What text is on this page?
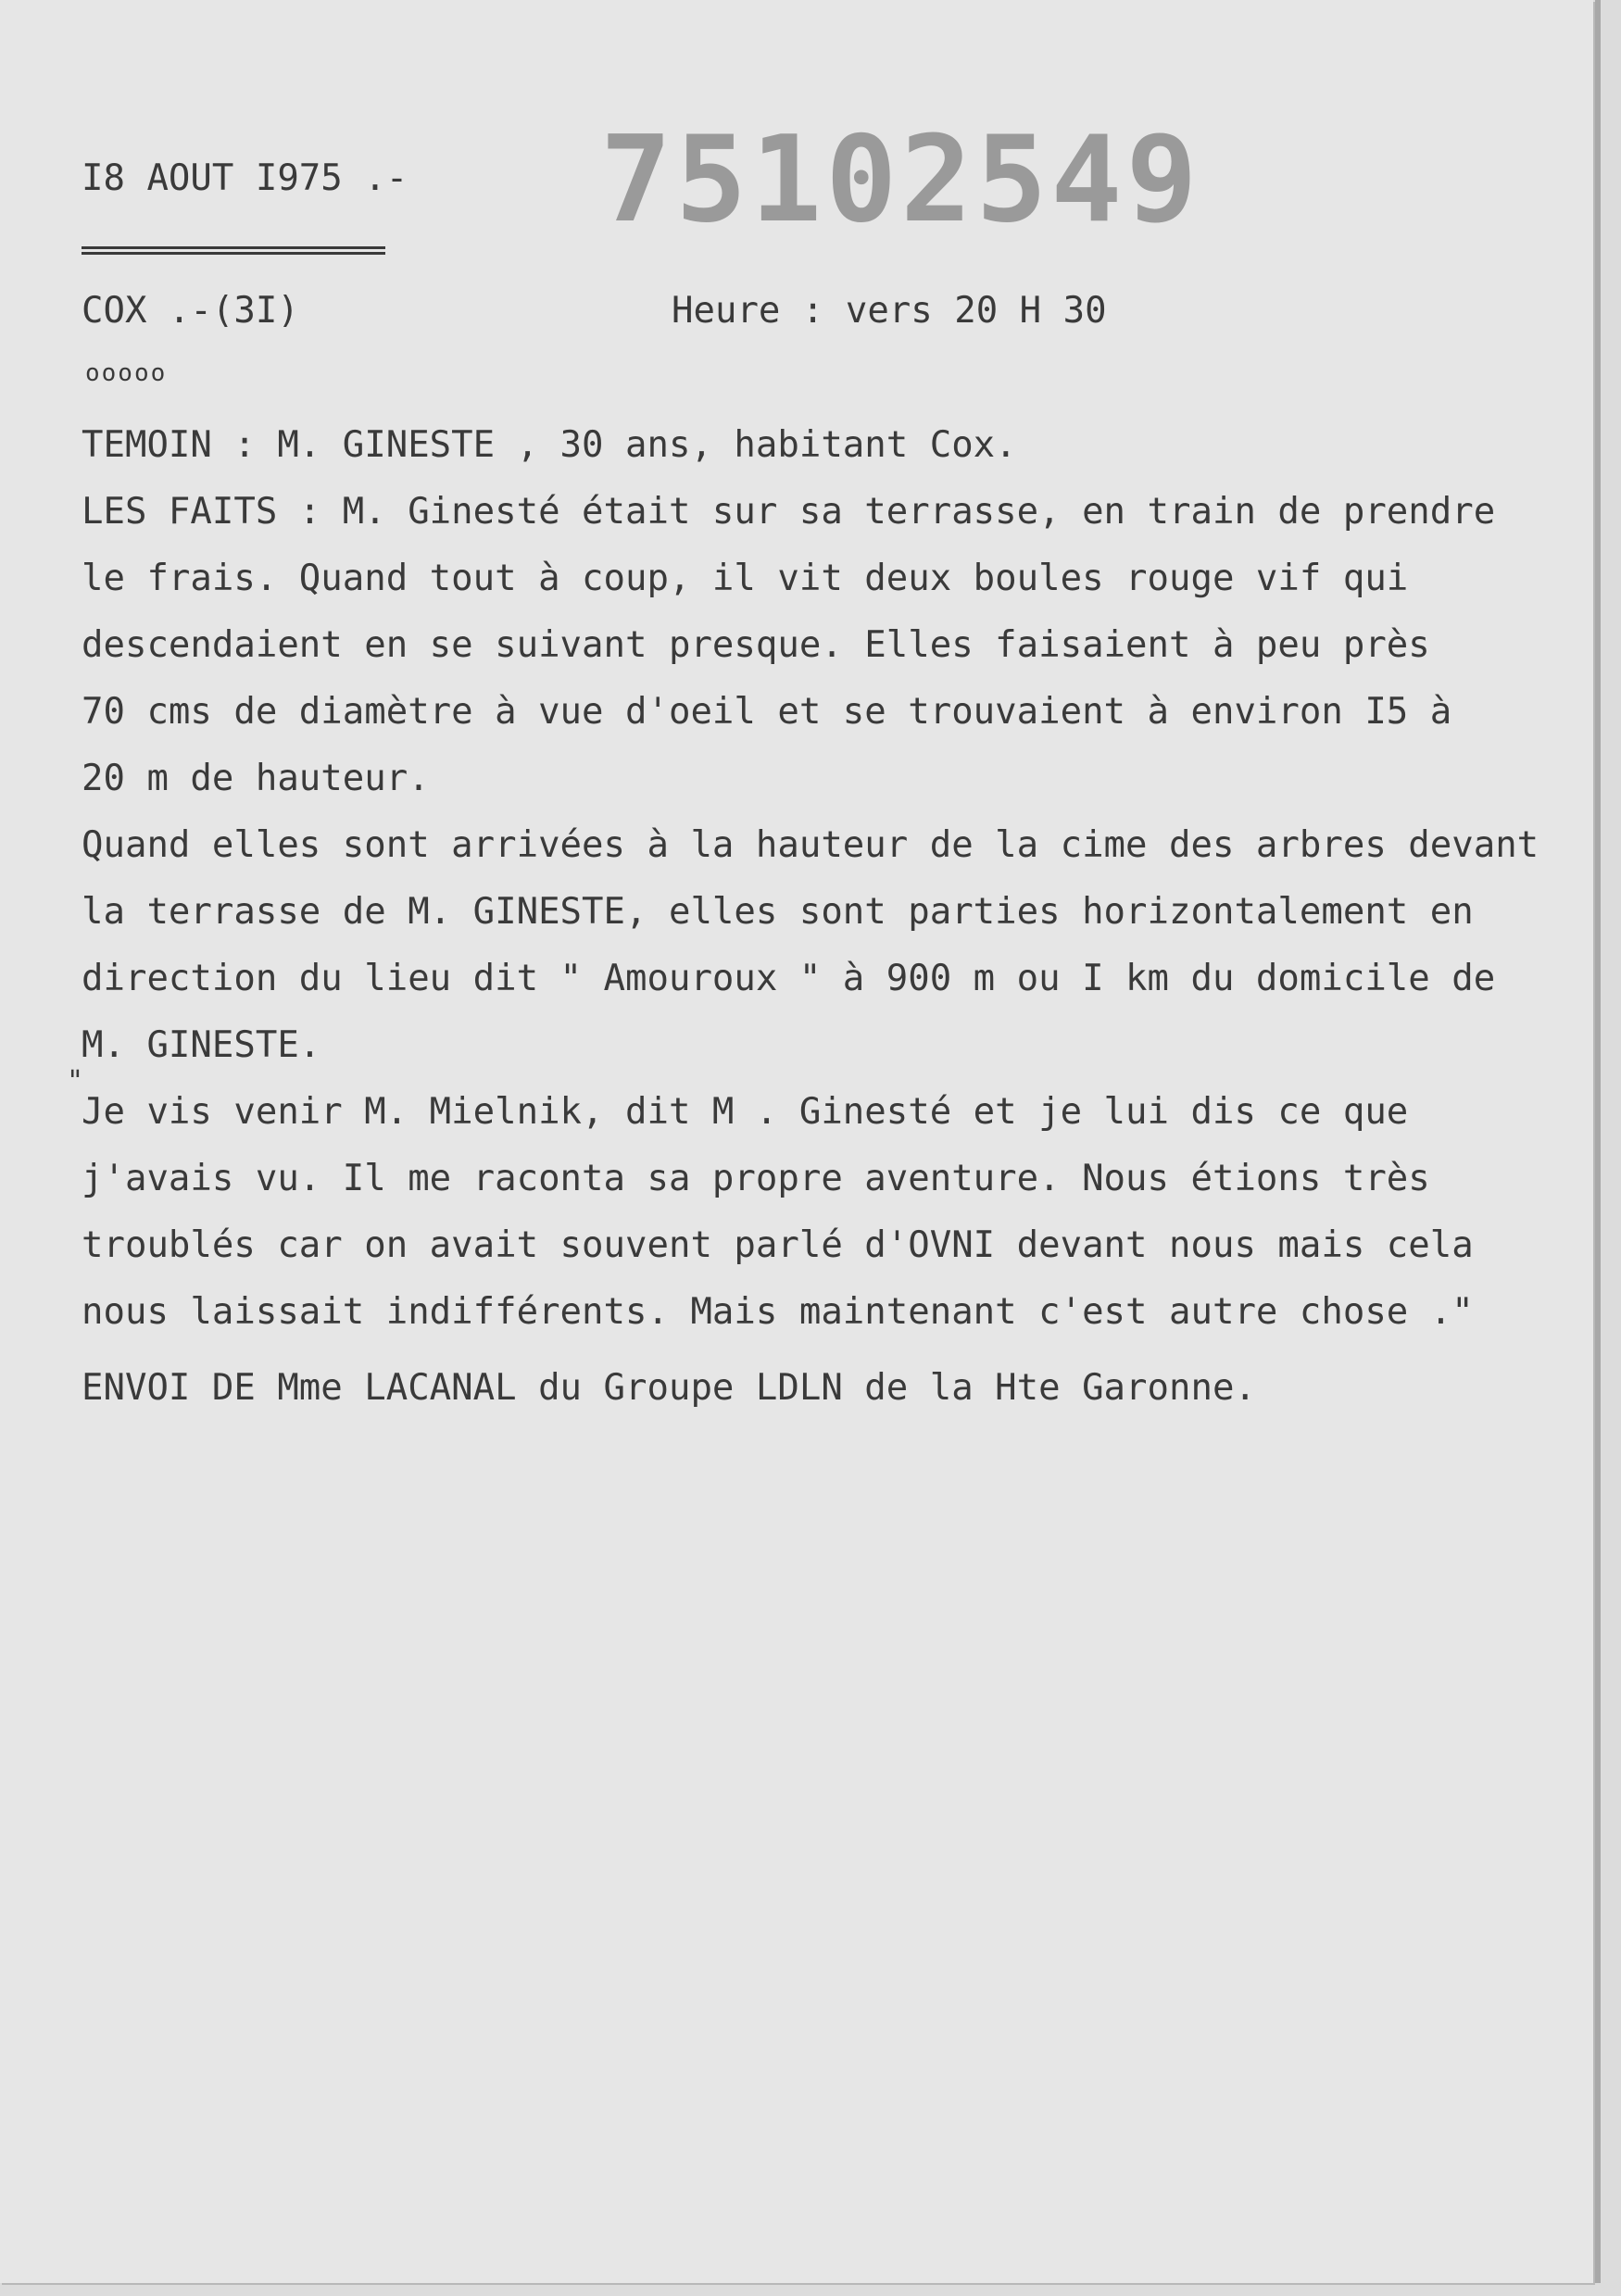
I8 AOUT I975 .- 75102549
COX .-(3I)	Heure : vers 20 H 30
ooooo
TEMOIN : M. GINESTE , 30 ans, habitant Cox.
LES FAITS : M. Ginesté était sur sa terrasse, en train de prendre
le frais. Quand tout à coup, il vit deux boules rouge vif qui
descendaient en se suivant presque. Elles faisaient à peu près
70 cms de diamètre à vue d'oeil et se trouvaient à environ I5 à
20 m de hauteur.
Quand elles sont arrivées à la hauteur de la cime des arbres devant
la terrasse de M. GINESTE, elles sont parties horizontalement en
direction du lieu dit " Amouroux " à 900 m ou I km du domicile de
M. GINESTE.
"
Je vis venir M. Mielnik, dit M . Ginesté et je lui dis ce que
j'avais vu. Il me raconta sa propre aventure. Nous étions très
troublés car on avait souvent parlé d'OVNI devant nous mais cela
nous laissait indifférents. Mais maintenant c'est autre chose ."
ENVOI DE Mme LACANAL du Groupe LDLN de la Hte Garonne.
